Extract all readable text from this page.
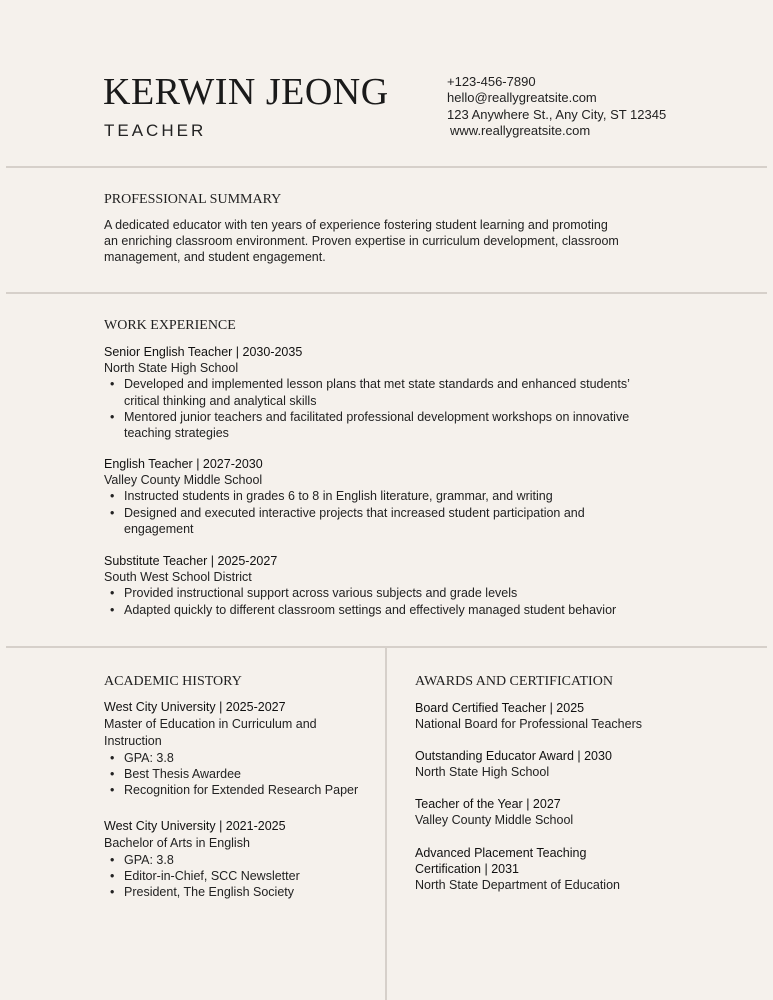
KERWIN JEONG
TEACHER
+123-456-7890
hello@reallygreatsite.com
123 Anywhere St., Any City, ST 12345
www.reallygreatsite.com
PROFESSIONAL SUMMARY
A dedicated educator with ten years of experience fostering student learning and promoting
an enriching classroom environment. Proven expertise in curriculum development, classroom
management, and student engagement.
WORK EXPERIENCE
Senior English Teacher | 2030-2035
North State High School
• Developed and implemented lesson plans that met state standards and enhanced students’
critical thinking and analytical skills
• Mentored junior teachers and facilitated professional development workshops on innovative
teaching strategies
English Teacher | 2027-2030
Valley County Middle School
• Instructed students in grades 6 to 8 in English literature, grammar, and writing
• Designed and executed interactive projects that increased student participation and
engagement
Substitute Teacher | 2025-2027
South West School District
• Provided instructional support across various subjects and grade levels
• Adapted quickly to different classroom settings and effectively managed student behavior
ACADEMIC HISTORY
West City University | 2025-2027
Master of Education in Curriculum and
Instruction
• GPA: 3.8
• Best Thesis Awardee
• Recognition for Extended Research Paper
West City University | 2021-2025
Bachelor of Arts in English
• GPA: 3.8
• Editor-in-Chief, SCC Newsletter
• President, The English Society
AWARDS AND CERTIFICATION
Board Certified Teacher | 2025
National Board for Professional Teachers
Outstanding Educator Award | 2030
North State High School
Teacher of the Year | 2027
Valley County Middle School
Advanced Placement Teaching
Certification | 2031
North State Department of Education
